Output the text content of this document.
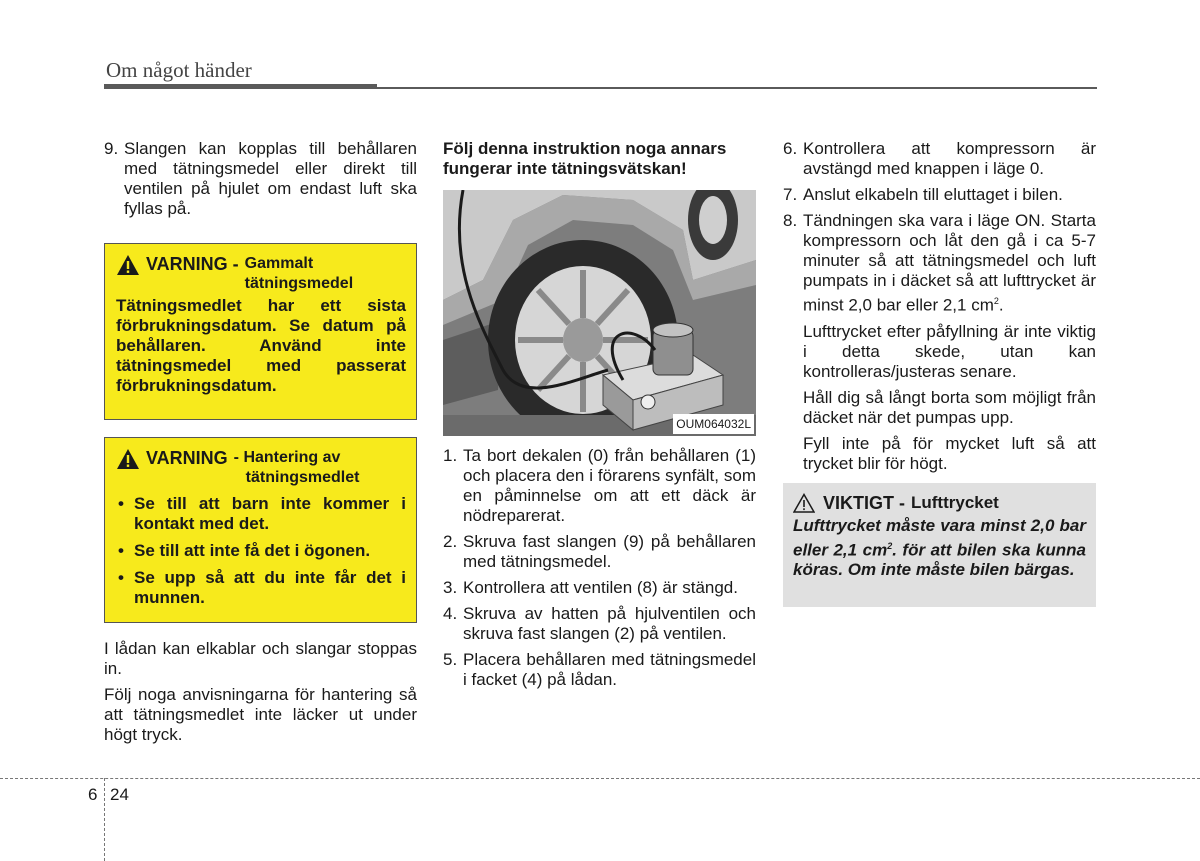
Om något händer
9. Slangen kan kopplas till behållaren med tätningsmedel eller direkt till ventilen på hjulet om endast luft ska fyllas på.
VARNING - Gammalt
tätningsmedel
Tätningsmedlet har ett sista förbrukningsdatum. Se datum på behållaren. Använd inte tätningsmedel med passerat förbrukningsdatum.
VARNING - Hantering av
tätningsmedlet
• Se till att barn inte kommer i kontakt med det.
• Se till att inte få det i ögonen.
• Se upp så att du inte får det i munnen.

I lådan kan elkablar och slangar stoppas in.

Följ noga anvisningarna för hantering så att tätningsmedlet inte läcker ut under högt tryck.

Följ denna instruktion noga annars fungerar inte tätningsvätskan!
OUM064032L
1. Ta bort dekalen (0) från behållaren (1) och placera den i förarens synfält, som en påminnelse om att ett däck är nödreparerat.
2. Skruva fast slangen (9) på behållaren med tätningsmedel.
3. Kontrollera att ventilen (8) är stängd.
4. Skruva av hatten på hjulventilen och skruva fast slangen (2) på ventilen.
5. Placera behållaren med tätningsmedel i facket (4) på lådan.
6. Kontrollera att kompressorn är avstängd med knappen i läge 0.
7. Anslut elkabeln till eluttaget i bilen.
8. Tändningen ska vara i läge ON. Starta kompressorn och låt den gå i ca 5-7 minuter så att tätningsmedel och luft pumpats in i däcket så att lufttrycket är minst 2,0 bar eller 2,1 $cm^2$.
Lufttrycket efter påfyllning är inte viktig i detta skede, utan kan kontrolleras/justeras senare.
Håll dig så långt borta som möjligt från däcket när det pumpas upp.
Fyll inte på för mycket luft så att trycket blir för högt.
VIKTIGT - Lufttrycket
Lufttrycket måste vara minst 2,0 bar eller 2,1 $cm^2$. för att bilen ska kunna köras. Om inte måste bilen bärgas.
6 24
